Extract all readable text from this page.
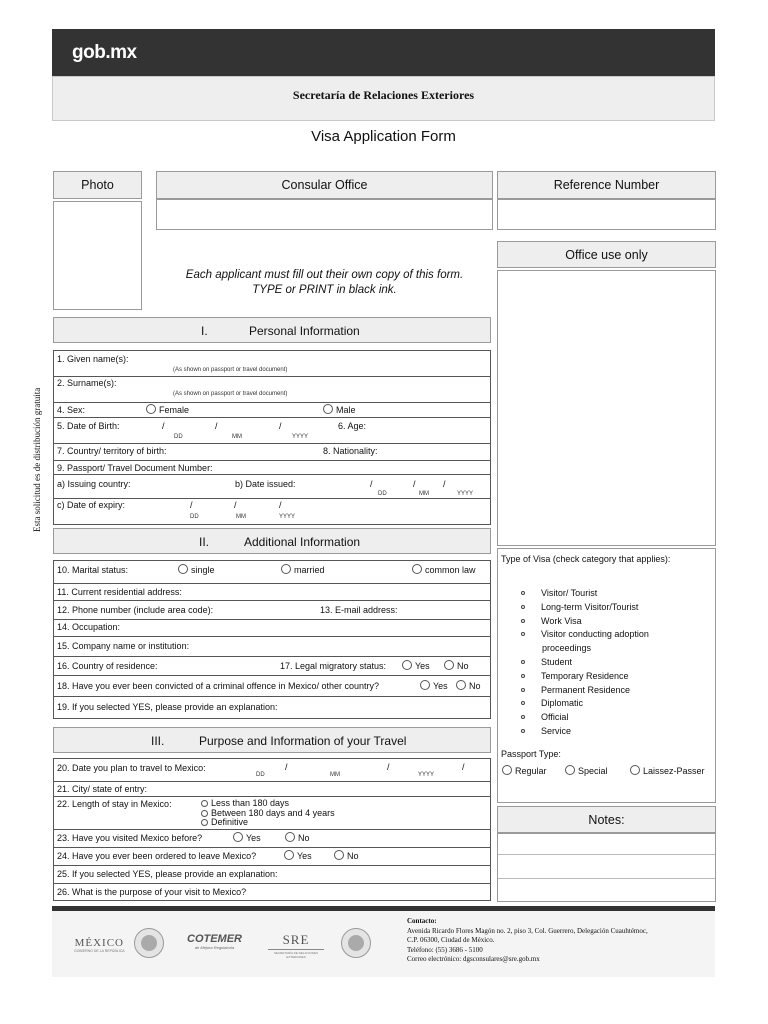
gob.mx
Secretaría de Relaciones Exteriores
Visa Application Form
Photo	Consular Office	Reference Number
Office use only
Each applicant must fill out their own copy of this form.
TYPE or PRINT in black ink.
Esta solicitud es de distribución gratuita
I.	Personal Information
1. Given name(s):
(As shown on passport or travel document)
2. Surname(s):
(As shown on passport or travel document)
4. Sex:	Female	Male
5. Date of Birth:	/	/	/
DD	MM	YYYY
6. Age:
7. Country/ territory of birth:	8. Nationality:
9. Passport/ Travel Document Number:
a) Issuing country:	b) Date issued:	/	/	/
DD	MM	YYYY
c) Date of expiry:	/	/	/
DD	MM	YYYY
II.	Additional Information
10. Marital status:	single	married	common law
11. Current residential address:
12. Phone number (include area code):	13. E-mail address:
14. Occupation:
15. Company name or institution:
16. Country of residence:	17. Legal migratory status:	Yes	No
18. Have you ever been convicted of a criminal offence in Mexico/ other country?	Yes	No
19. If you selected YES, please provide an explanation:
III.	Purpose and Information of your Travel
20. Date you plan to travel to Mexico:	/	/	/
DD	MM	YYYY
21. City/ state of entry:
22. Length of stay in Mexico:	Less than 180 days
Between 180 days and 4 years
Definitive
23. Have you visited Mexico before?	Yes	No
24. Have you ever been ordered to leave Mexico?	Yes	No
25. If you selected YES, please provide an explanation:
26. What is the purpose of your visit to Mexico?
Type of Visa (check category that applies):
Visitor/ Tourist
Long-term Visitor/Tourist
Work Visa
Visitor conducting adoption
proceedings
Student
Temporary Residence
Permanent Residence
Diplomatic
Official
Service
Passport Type:
Regular	Special	Laissez-Passer
Notes:
MÉXICO
GOBIERNO DE LA REPÚBLICA
COTEMER
de Mejora Regulatoria
SRE
SECRETARÍA DE RELACIONES EXTERIORES
Contacto:
Avenida Ricardo Flores Magón no. 2, piso 3, Col. Guerrero, Delegación Cuauhtémoc,
C.P. 06300, Ciudad de México.
Teléfono: (55) 3686 - 5100
Correo electrónico: dgsconsulares@sre.gob.mx
